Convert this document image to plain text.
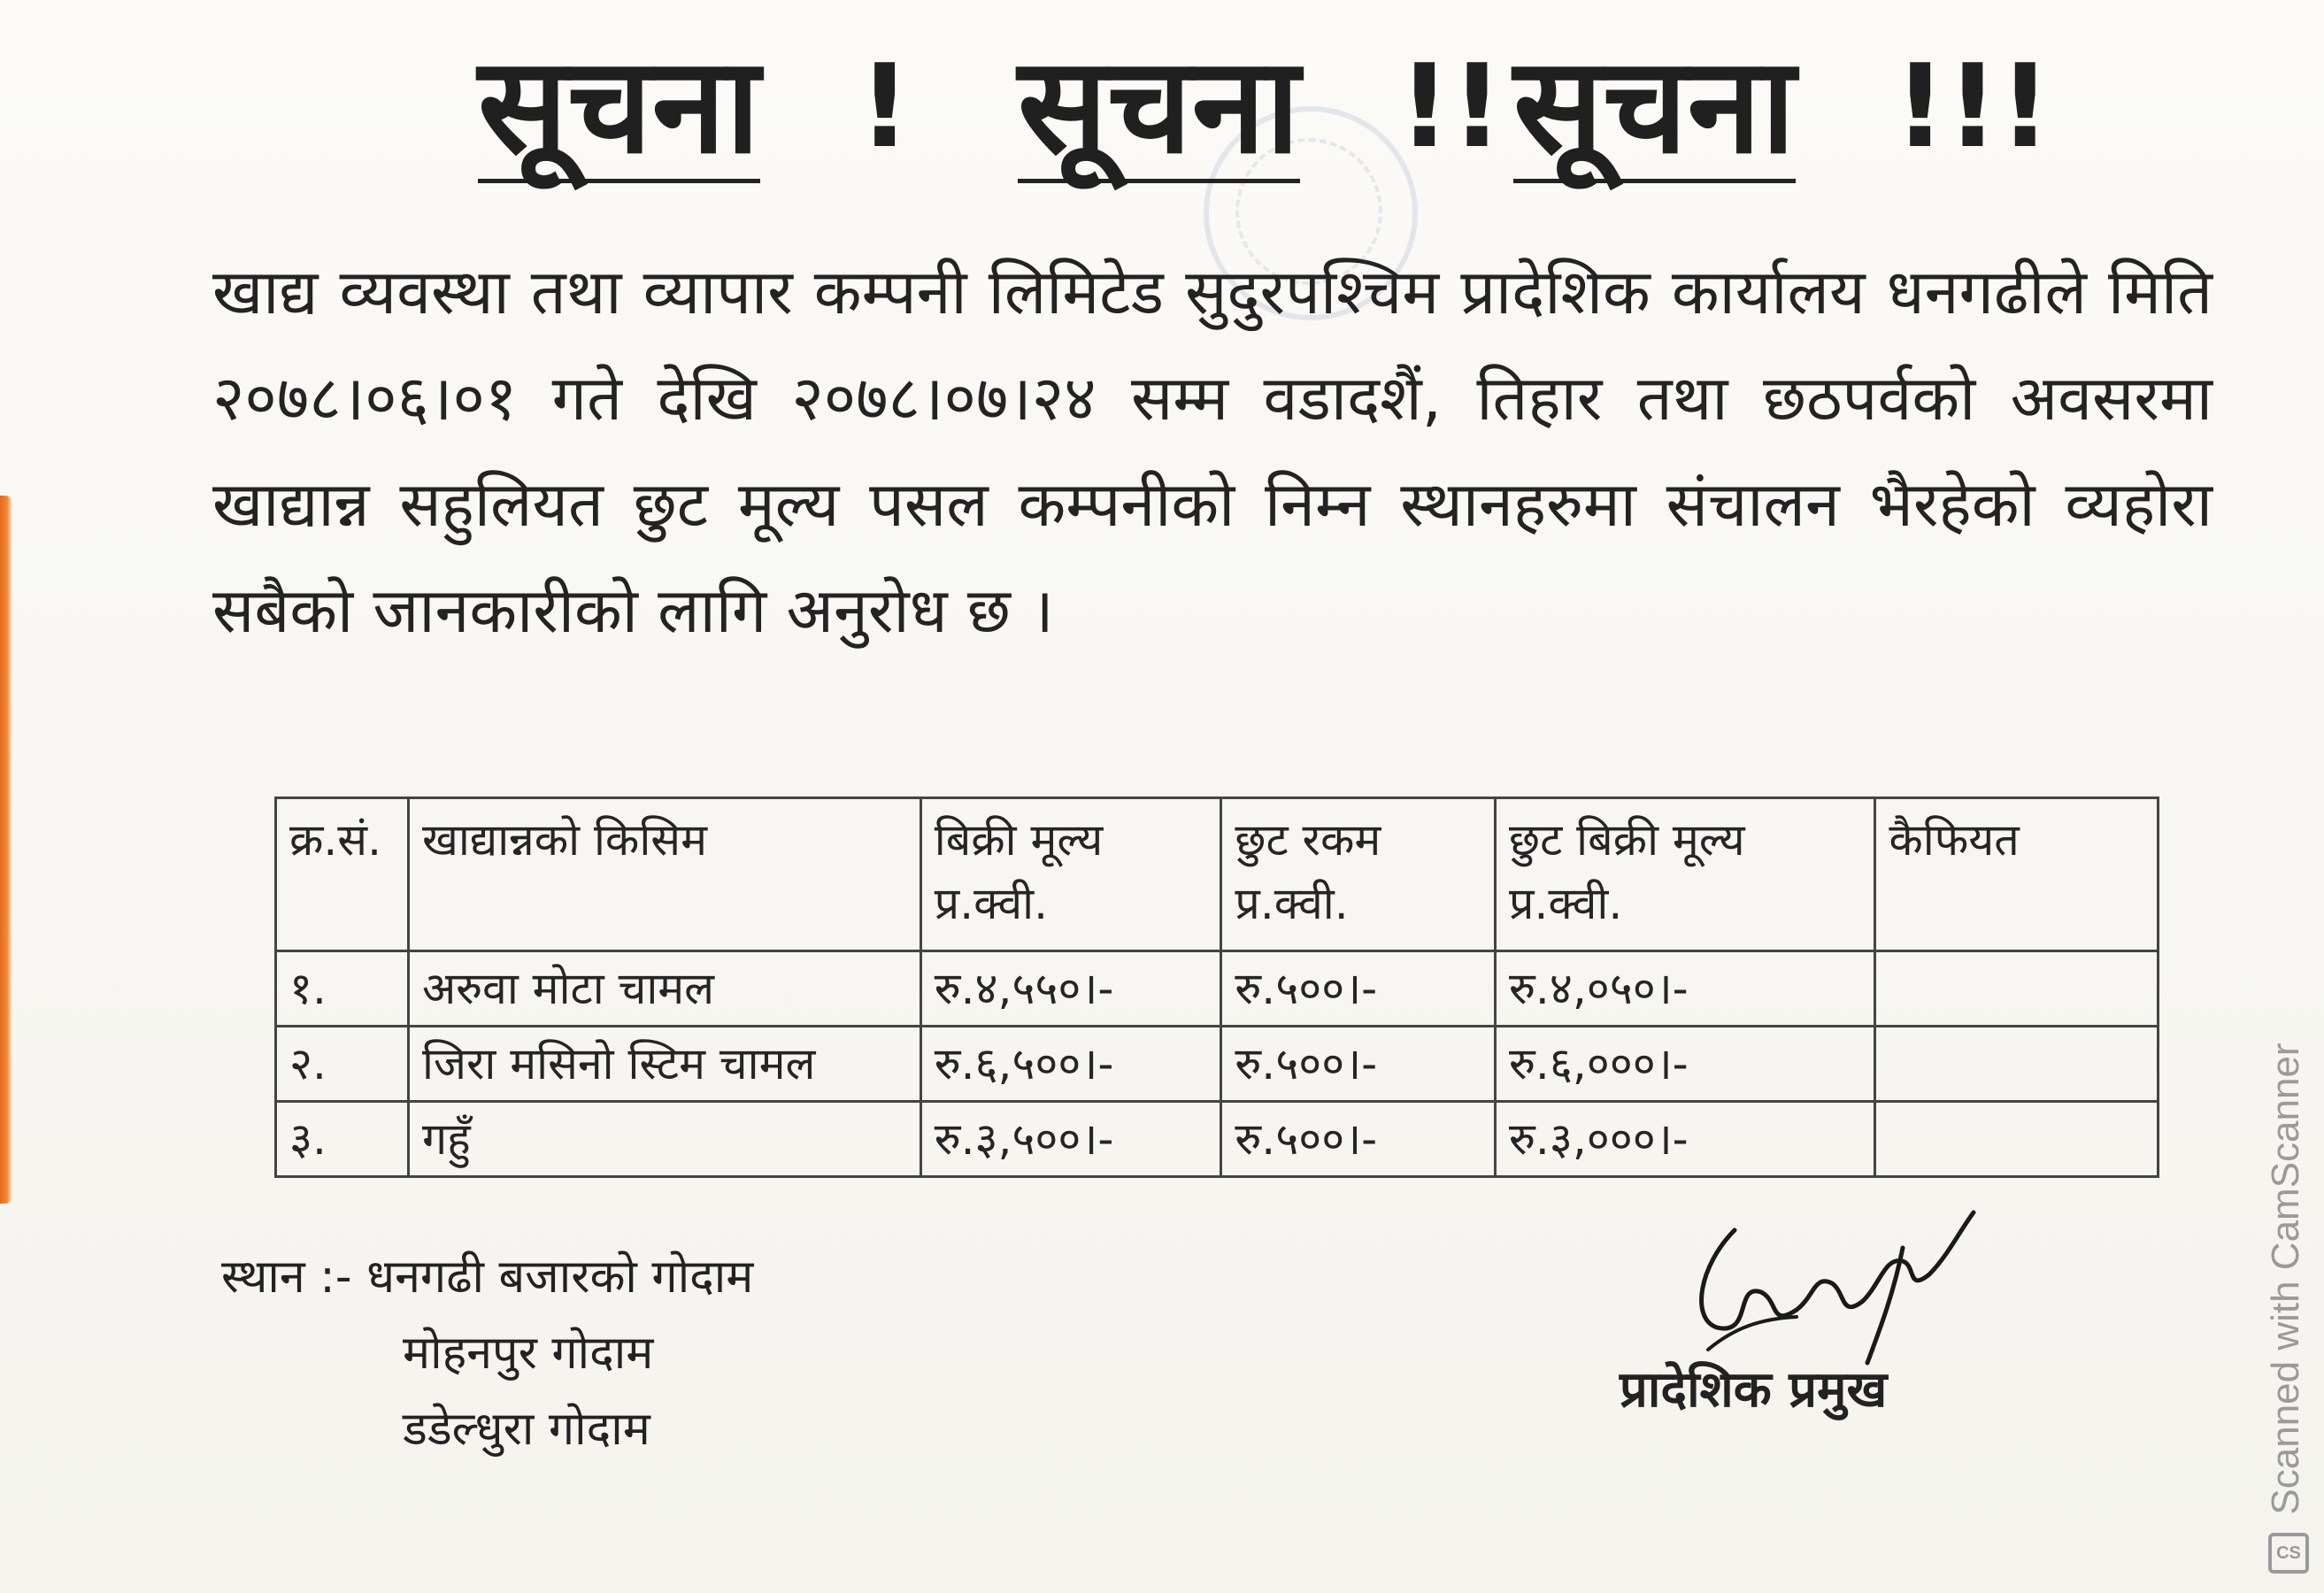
सूचना ! सूचना !! सूचना !!!
खाद्य व्यवस्था तथा व्यापार कम्पनी लिमिटेड सुदुरपश्चिम प्रादेशिक कार्यालय धनगढीले मिति २०७८।०६।०१ गते देखि २०७८।०७।२४ सम्म वडादशैं, तिहार तथा छठपर्वको अवसरमा खाद्यान्न सहुलियत छुट मूल्य पसल कम्पनीको निम्न स्थानहरुमा संचालन भैरहेको व्यहोरा सबैको जानकारीको लागि अनुरोध छ ।
क्र.सं.	खाद्यान्नको किसिम	बिक्री मूल्य प्र.क्वी.	छुट रकम प्र.क्वी.	छुट बिक्री मूल्य प्र.क्वी.	कैफियत
१.	अरुवा मोटा चामल	रु.४,५५०।-	रु.५००।-	रु.४,०५०।-	
२.	जिरा मसिनो स्टिम चामल	रु.६,५००।-	रु.५००।-	रु.६,०००।-	
३.	गहुँ	रु.३,५००।-	रु.५००।-	रु.३,०००।-	
स्थान :- धनगढी बजारको गोदाम
मोहनपुर गोदाम
डडेल्धुरा गोदाम
प्रादेशिक प्रमुख	Scanned with CamScanner
CS
